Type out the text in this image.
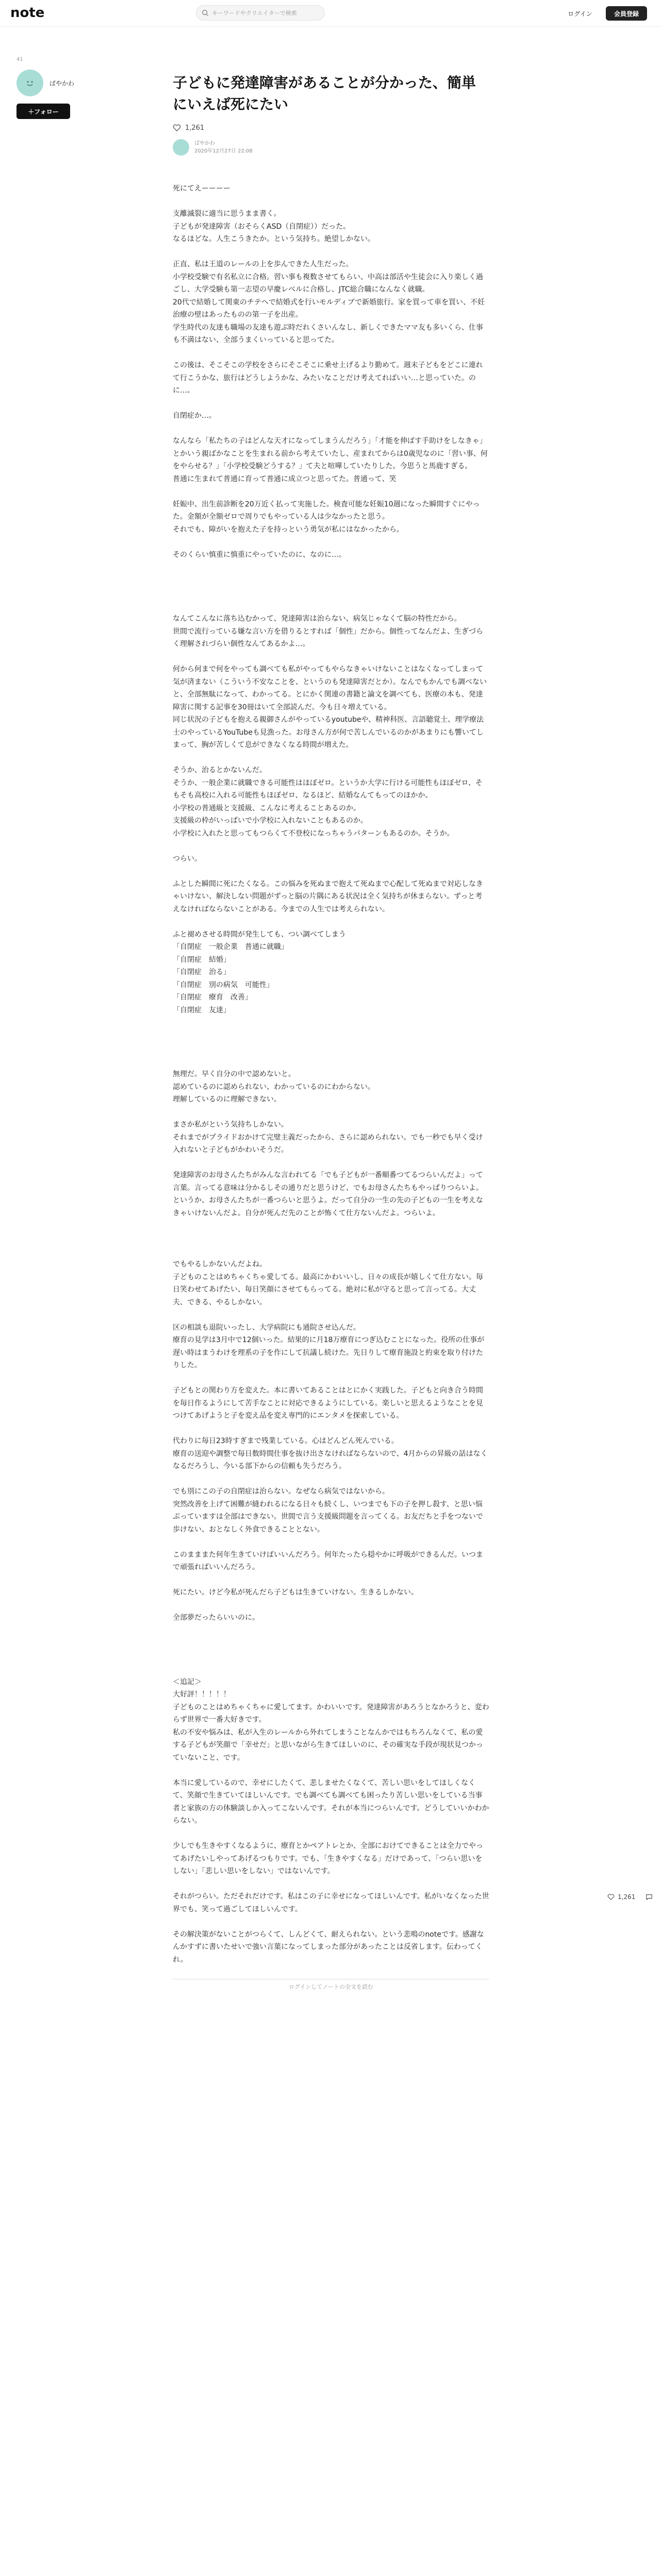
note	キーワードやクリエイターで検索	ログイン	会員登録
41
ぱやかわ
＋フォロー
子どもに発達障害があることが分かった、簡単にいえば死にたい
1,261
ぱやかわ
2020年12月27日 22:08

死にてえーーーー

支離滅裂に適当に思うまま書く。
子どもが発達障害（おそらくASD（自閉症））だった。
なるほどな。人生こうきたか。という気持ち。絶望しかない。

正直、私は王道のレールの上を歩んできた人生だった。
小学校受験で有名私立に合格。習い事も複数させてもらい、中高は部活や生徒会に入り楽しく過ごし、大学受験も第一志望の早慶レベルに合格し、JTC総合職になんなく就職。
20代で結婚して関東のチテヘで結婚式を行いモルディブで新婚旅行。家を買って車を買い、不妊治療の壁はあったものの第一子を出産。
学生時代の友達も職場の友達も遊ぶ時だれくさいんなし、新しくできたママ友も多いくら、仕事も不満はない、全部うまくいっていると思ってた。

この後は、そこそこの学校をさらにそこそこに乗せ上げるより勤めて。週末子どもをどこに連れて行こうかな、旅行はどうしようかな、みたいなことだけ考えてればいい…と思っていた。のに…。

自閉症か…。

なんなら「私たちの子はどんな天才になってしまうんだろう」「才能を伸ばす手助けをしなきゃ」とかいう親ばかなことを生まれる前から考えていたし、産まれてからは0歳児なのに「習い事、何をやらせる？」「小学校受験どうする？」て夫と喧嘩していたりした。今思うと馬鹿すぎる。
普通に生まれて普通に育って普通に成立つと思ってた。普通って、笑

妊娠中、出生前診断を20万近く払って実施した。検査可能な妊娠10週になった瞬間すぐにやった。金額が全額ゼロで周りでもやっている人は少なかったと思う。
それでも、障がいを抱えた子を持っという勇気が私にはなかったから。

そのくらい慎重に慎重にやっていたのに、なのに…。

なんてこんなに落ち込むかって、発達障害は治らない、病気じゃなくて脳の特性だから。
世間で流行っている嫌な言い方を借りるとすれば「個性」だから。個性ってなんだよ、生ぎづらく理解されづらい個性なんてあるかよ…。

何から何まで何をやっても調べても私がやってもやらなきゃいけないことはなくなってしまって気が済まない（こういう不安なことを、というのも発達障害だとか）。なんでもかんでも調べないと、全部無駄になって、わかってる。とにかく関連の書籍と論文を調べても、医療の本も、発達障害に関する記事を30冊はいて全部読んだ。今も日々増えている。
同じ状況の子どもを抱える親御さんがやっているyoutubeや、精神科医、言語聴覚士、理学療法士のやっているYouTubeも見漁った。お母さん方が何で苦しんでいるのかがあまりにも響いてしまって、胸が苦しくて息ができなくなる時間が増えた。

そうか、治るとかないんだ。
そうか、一般企業に就職できる可能性はほぼゼロ。というか大学に行ける可能性もほぼゼロ、そもそも高校に入れる可能性もほぼゼロ、なるほど、結婚なんてもってのほかか。
小学校の普通級と支援級、こんなに考えることあるのか。
支援級の枠がいっぱいで小学校に入れないこともあるのか。
小学校に入れたと思ってもつらくて不登校になっちゃうパターンもあるのか。そうか。

つらい。

ふとした瞬間に死にたくなる。この悩みを死ぬまで抱えて死ぬまで心配して死ぬまで対応しなきゃいけない、解決しない問題がずっと脳の片隅にある状況は全く気持ちが休まらない。ずっと考えなければならないことがある。今までの人生では考えられない。

ふと褪めさせる時間が発生しても、つい調べてしまう
「自閉症　一般企業　普通に就職」
「自閉症　結婚」
「自閉症　治る」
「自閉症　別の病気　可能性」
「自閉症　療育　改善」
「自閉症　友達」

無理だ。早く自分の中で認めないと。
認めているのに認められない、わかっているのにわからない。
理解しているのに理解できない。

まさか私がという気持ちしかない。
それまでがプライドおかけて完璧主義だったから、さらに認められない。でも一秒でも早く受け入れないと子どもがかわいそうだ。

発達障害のお母さんたちがみんな言われてる「でも子どもが一番順番つてるつらいんだよ」って言葉。言ってる意味は分かるしその通りだと思うけど、でもお母さんたちもやっぱりつらいよ。というか、お母さんたちが一番つらいと思うよ。だって自分の一生の先の子どもの一生を考えなきゃいけないんだよ。自分が死んだ先のことが怖くて仕方ないんだよ。つらいよ。

でもやるしかないんだよね。
子どものことはめちゃくちゃ愛してる。最高にかわいいし、日々の成長が嬉しくて仕方ない。毎日笑わせてあげたい、毎日笑顔にさせてもらってる。絶対に私が守ると思って言ってる。大丈夫、できる、やるしかない。

区の相談も退院いったし、大学病院にも通院させ込んだ。
療育の見学は3月中で12個いった。結果的に月18万療育につぎ込むことになった。役所の仕事が遅い時はまうわけを理系の子を作にして抗議し続けた。先日りして療育施設と約束を取り付けたりした。

子どもとの関わり方を変えた。本に書いてあることはとにかく実践した。子どもと向き合う時間を毎日作るようにして苦手なことに対応できるようにしている。楽しいと思えるようなことを見つけてあげようと子を変え品を変え専門的にエンタメを探索している。

代わりに毎日23時すぎまで残業している。心はどんどん死んでいる。
療育の送迎や調整で毎日数時間仕事を抜け出さなければならないので、4月からの昇級の話はなくなるだろうし、今いる部下からの信頼も失うだろう。

でも別にこの子の自閉症は治らない。なぜなら病気ではないから。
突然改善を上げて困難が縫われるになる日々も続くし、いつまでも下の子を押し殺す、と思い悩ぶっていますは全部はできない。世間で言う支援級問題を言ってくる。お友だちと手をつないで歩けない、おとなしく外食できることとない。

このまままた何年生きていけばいいんだろう。何年たったら穏やかに呼吸ができるんだ。いつまで頑張ればいいんだろう。

死にたい。けど今私が死んだら子どもは生きていけない。生きるしかない。

全部夢だったらいいのに。

＜追記＞
大好評！！！！！
子どものことはめちゃくちゃに愛してます。かわいいです。発達障害があろうとなかろうと、変わらず世界で一番大好きです。
私の不安や悩みは、私が入生のレールから外れてしまうことなんかではもちろんなくて、私の愛する子どもが笑顔で「幸せだ」と思いながら生きてほしいのに、その確実な手段が現状見つかっていないこと、です。

本当に愛しているので、幸せにしたくて、悲しませたくなくて、苦しい思いをしてほしくなくて、笑顔で生きていてほしいんです。でも調べても調べても困ったり苦しい思いをしている当事者と家族の方の体験談しか入ってこないんです。それが本当につらいんです。どうしていいかわからない。

少しでも生きやすくなるように、療育とかペアトレとか、全部におけてできることは全力でやってあげたいしやってあげるつもりです。でも、「生きやすくなる」だけであって、「つらい思いをしない」「悲しい思いをしない」ではないんです。

それがつらい。ただそれだけです。私はこの子に幸せになってほしいんです。私がいなくなった世界でも、笑って過ごしてほしいんです。

その解決策がないことがつらくて、しんどくて、耐えられない。という悲鳴のnoteです。感謝なんかすずに書いたせいで強い言葉になってしまった部分があったことは反省します。伝わってくれ。

ログインしてノートの全文を読む
1,261
